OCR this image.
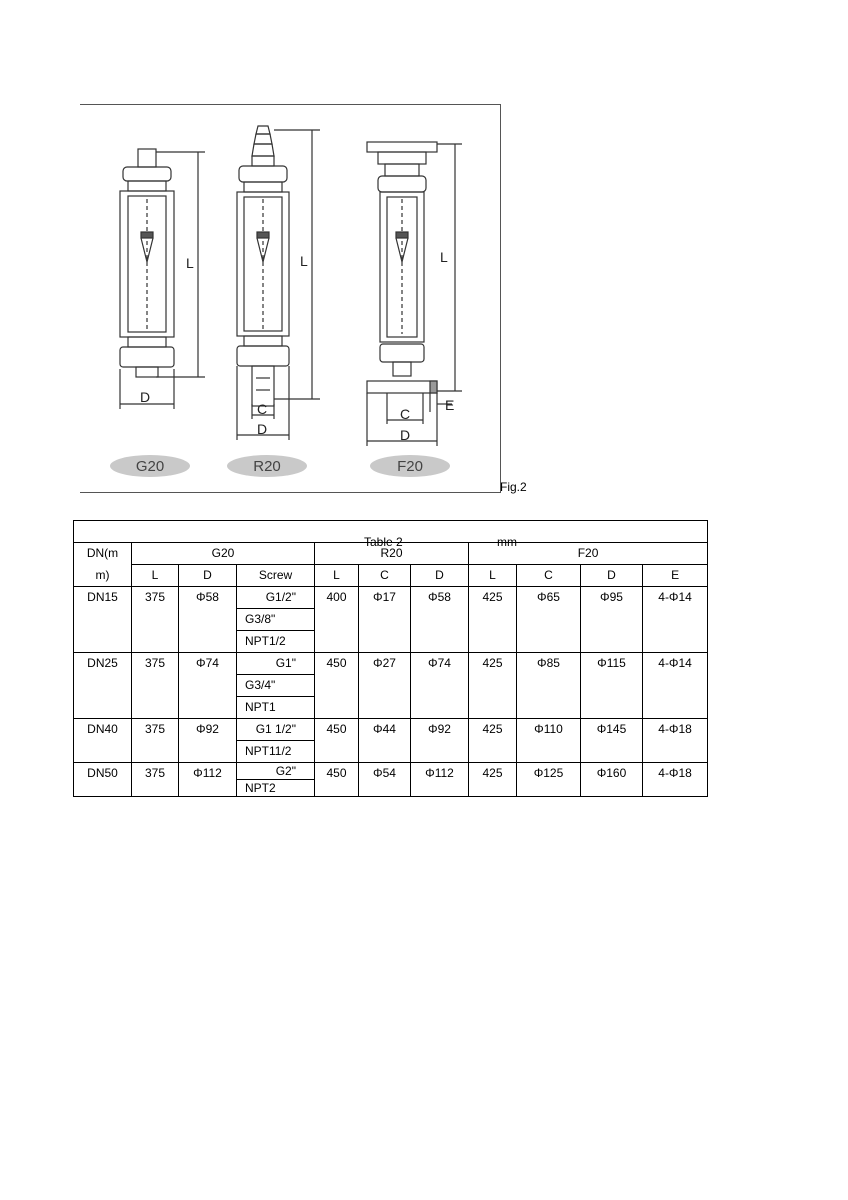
L
D
L
C
D
L
C
D
E
G20	R20	F20
Fig.2
Table 2 mm										

DN(m	G20			R20			F20			
m)	L	D	Screw	L	C	D	L	C	D	E
DN15	375	Φ58	G1/2"	400	Φ17	Φ58	425	Φ65	Φ95	4-Φ14
			G3/8"							
			NPT1/2							
DN25	375	Φ74	G1"	450	Φ27	Φ74	425	Φ85	Φ115	4-Φ14
			G3/4"							
			NPT1							
DN40	375	Φ92	G1 1/2"	450	Φ44	Φ92	425	Φ110	Φ145	4-Φ18
			NPT11/2							
DN50	375	Φ112	G2"	450	Φ54	Φ112	425	Φ125	Φ160	4-Φ18
			NPT2							
